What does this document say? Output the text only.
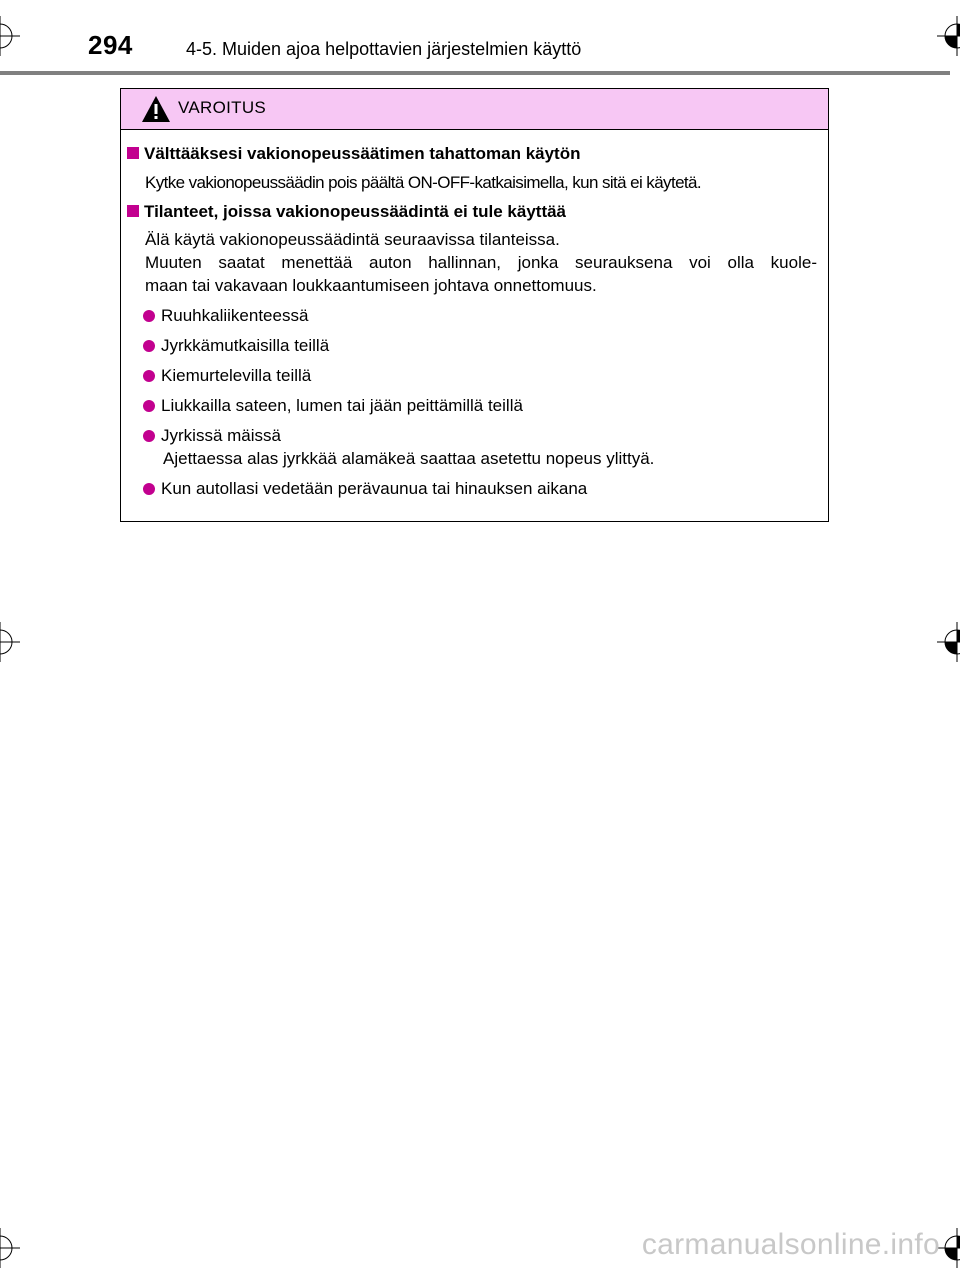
294	4-5. Muiden ajoa helpottavien järjestelmien käyttö
VAROITUS
Välttääksesi vakionopeussäätimen tahattoman käytön
Kytke vakionopeussäädin pois päältä ON-OFF-katkaisimella, kun sitä ei käytetä.
Tilanteet, joissa vakionopeussäädintä ei tule käyttää
Älä käytä vakionopeussäädintä seuraavissa tilanteissa.
Muuten saatat menettää auton hallinnan, jonka seurauksena voi olla kuole-
maan tai vakavaan loukkaantumiseen johtava onnettomuus.
Ruuhkaliikenteessä
Jyrkkämutkaisilla teillä
Kiemurtelevilla teillä
Liukkailla sateen, lumen tai jään peittämillä teillä
Jyrkissä mäissä
Ajettaessa alas jyrkkää alamäkeä saattaa asetettu nopeus ylittyä.
Kun autollasi vedetään perävaunua tai hinauksen aikana
carmanualsonline.info
